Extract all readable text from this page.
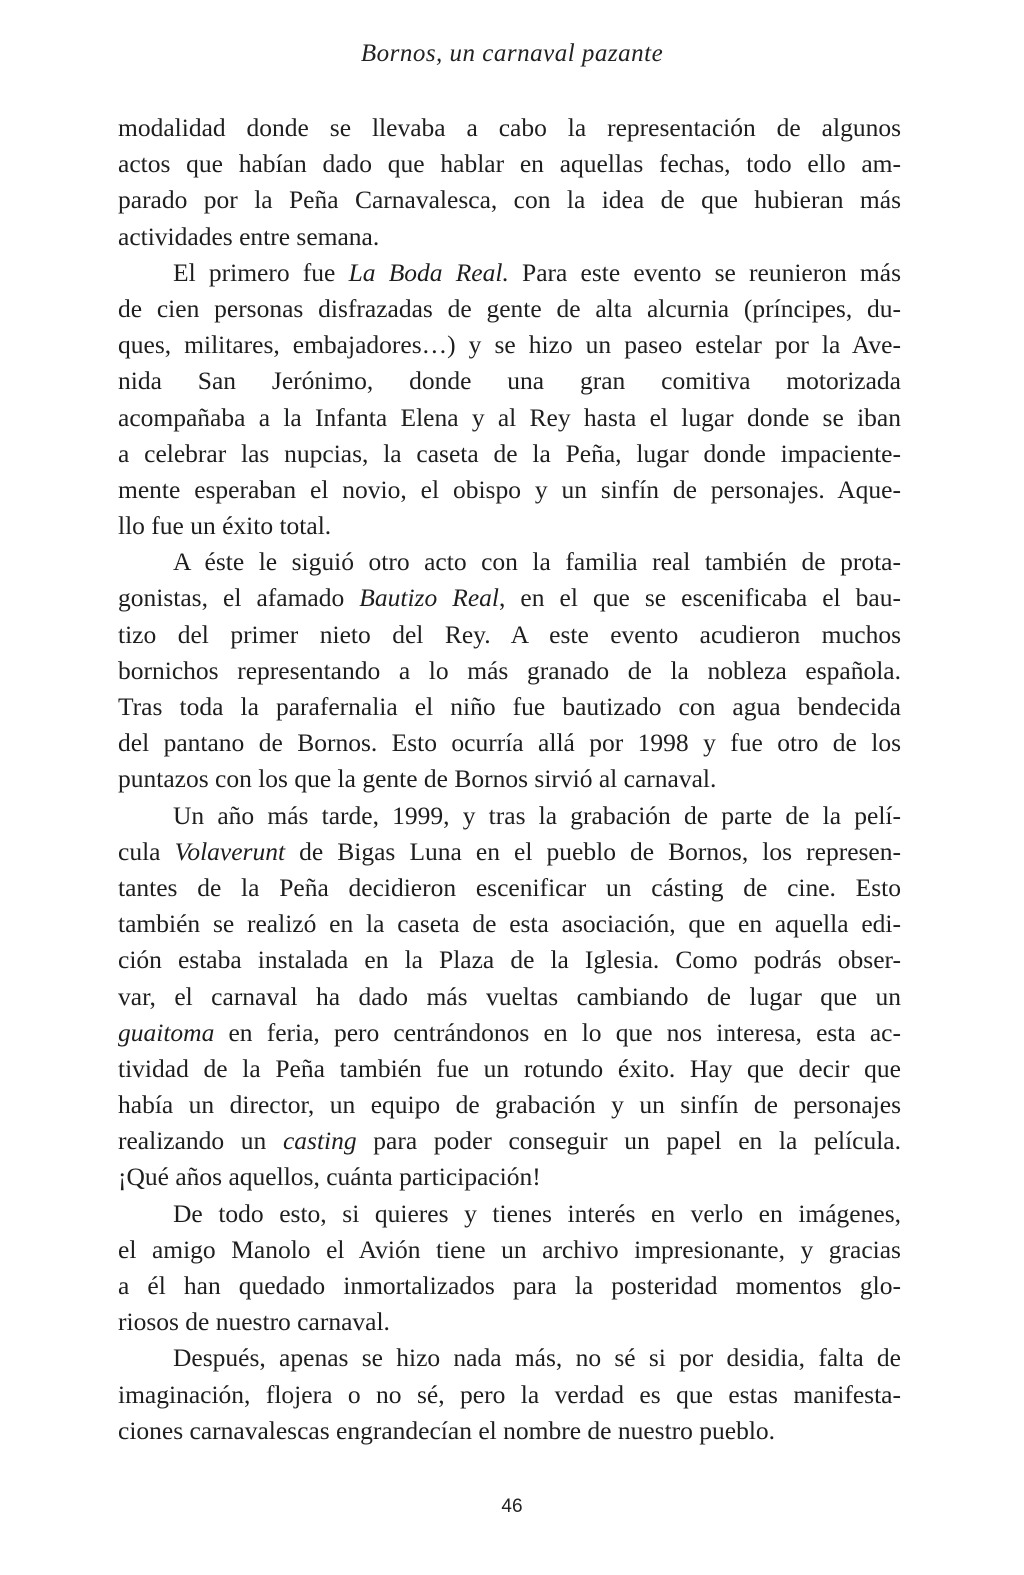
Bornos, un carnaval pazante
modalidad donde se llevaba a cabo la representación de algunos
actos que habían dado que hablar en aquellas fechas, todo ello am-
parado por la Peña Carnavalesca, con la idea de que hubieran más
actividades entre semana.
El primero fue La Boda Real. Para este evento se reunieron más
de cien personas disfrazadas de gente de alta alcurnia (príncipes, du-
ques, militares, embajadores…) y se hizo un paseo estelar por la Ave-
nida San Jerónimo, donde una gran comitiva motorizada
acompañaba a la Infanta Elena y al Rey hasta el lugar donde se iban
a celebrar las nupcias, la caseta de la Peña, lugar donde impaciente-
mente esperaban el novio, el obispo y un sinfín de personajes. Aque-
llo fue un éxito total.
A éste le siguió otro acto con la familia real también de prota-
gonistas, el afamado Bautizo Real, en el que se escenificaba el bau-
tizo del primer nieto del Rey. A este evento acudieron muchos
bornichos representando a lo más granado de la nobleza española.
Tras toda la parafernalia el niño fue bautizado con agua bendecida
del pantano de Bornos. Esto ocurría allá por 1998 y fue otro de los
puntazos con los que la gente de Bornos sirvió al carnaval.
Un año más tarde, 1999, y tras la grabación de parte de la pelí-
cula Volaverunt de Bigas Luna en el pueblo de Bornos, los represen-
tantes de la Peña decidieron escenificar un cásting de cine. Esto
también se realizó en la caseta de esta asociación, que en aquella edi-
ción estaba instalada en la Plaza de la Iglesia. Como podrás obser-
var, el carnaval ha dado más vueltas cambiando de lugar que un
guaitoma en feria, pero centrándonos en lo que nos interesa, esta ac-
tividad de la Peña también fue un rotundo éxito. Hay que decir que
había un director, un equipo de grabación y un sinfín de personajes
realizando un casting para poder conseguir un papel en la película.
¡Qué años aquellos, cuánta participación!
De todo esto, si quieres y tienes interés en verlo en imágenes,
el amigo Manolo el Avión tiene un archivo impresionante, y gracias
a él han quedado inmortalizados para la posteridad momentos glo-
riosos de nuestro carnaval.
Después, apenas se hizo nada más, no sé si por desidia, falta de
imaginación, flojera o no sé, pero la verdad es que estas manifesta-
ciones carnavalescas engrandecían el nombre de nuestro pueblo.
46
